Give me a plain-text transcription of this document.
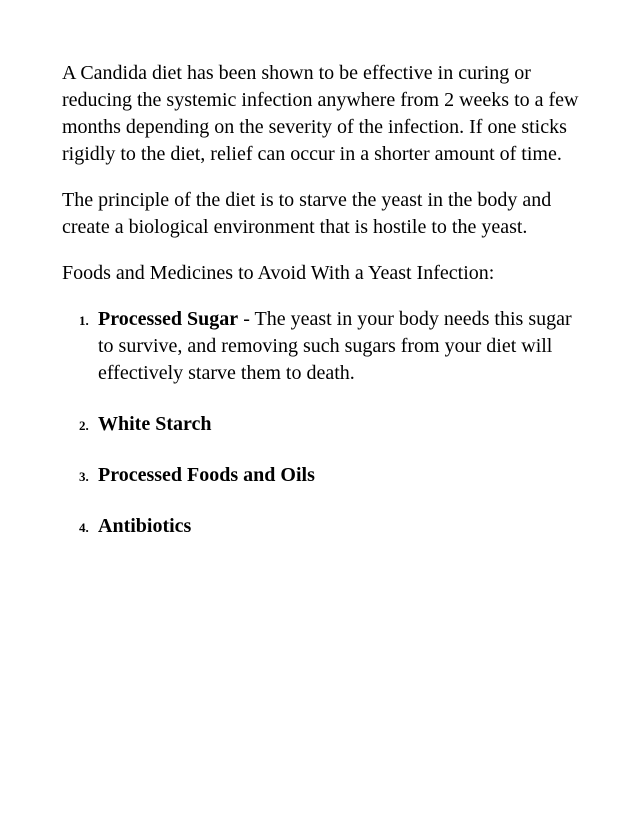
A Candida diet has been shown to be effective in curing or reducing the systemic infection anywhere from 2 weeks to a few months depending on the severity of the infection. If one sticks rigidly to the diet, relief can occur in a shorter amount of time.

The principle of the diet is to starve the yeast in the body and create a biological environment that is hostile to the yeast.

Foods and Medicines to Avoid With a Yeast Infection:

1. Processed Sugar - The yeast in your body needs this sugar to survive, and removing such sugars from your diet will effectively starve them to death.
2. White Starch
3. Processed Foods and Oils
4. Antibiotics
